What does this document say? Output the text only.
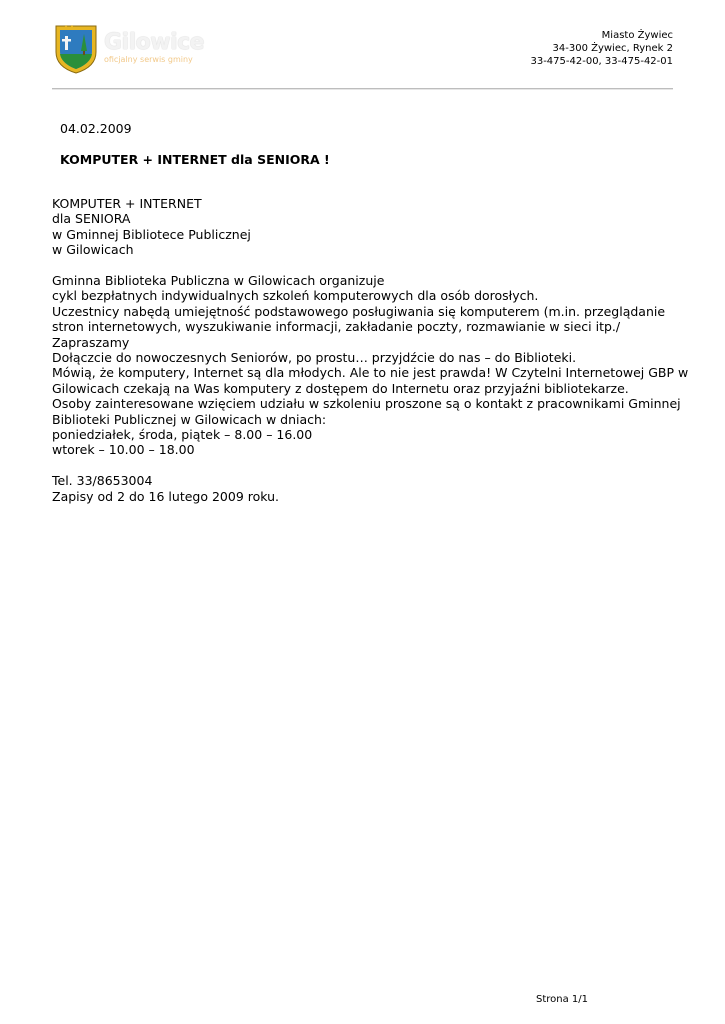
Gilowice
oficjalny serwis gminy
Miasto Żywiec
34-300 Żywiec, Rynek 2
33-475-42-00, 33-475-42-01
04.02.2009
KOMPUTER + INTERNET dla SENIORA !

KOMPUTER + INTERNET

dla SENIORA

w Gminnej Bibliotece Publicznej

w Gilowicach

Gminna Biblioteka Publiczna w Gilowicach organizuje

cykl bezpłatnych indywidualnych szkoleń komputerowych dla osób dorosłych.

Uczestnicy nabędą umiejętność podstawowego posługiwania się komputerem (m.in. przeglądanie

stron internetowych, wyszukiwanie informacji, zakładanie poczty, rozmawianie w sieci itp./

Zapraszamy

Dołączcie do nowoczesnych Seniorów, po prostu… przyjdźcie do nas – do Biblioteki.

Mówią, że komputery, Internet są dla młodych. Ale to nie jest prawda! W Czytelni Internetowej GBP w

Gilowicach czekają na Was komputery z dostępem do Internetu oraz przyjaźni bibliotekarze.

Osoby zainteresowane wzięciem udziału w szkoleniu proszone są o kontakt z pracownikami Gminnej

Biblioteki Publicznej w Gilowicach w dniach:

poniedziałek, środa, piątek – 8.00 – 16.00

wtorek – 10.00 – 18.00

Tel. 33/8653004

Zapisy od 2 do 16 lutego 2009 roku.

Strona 1/1
